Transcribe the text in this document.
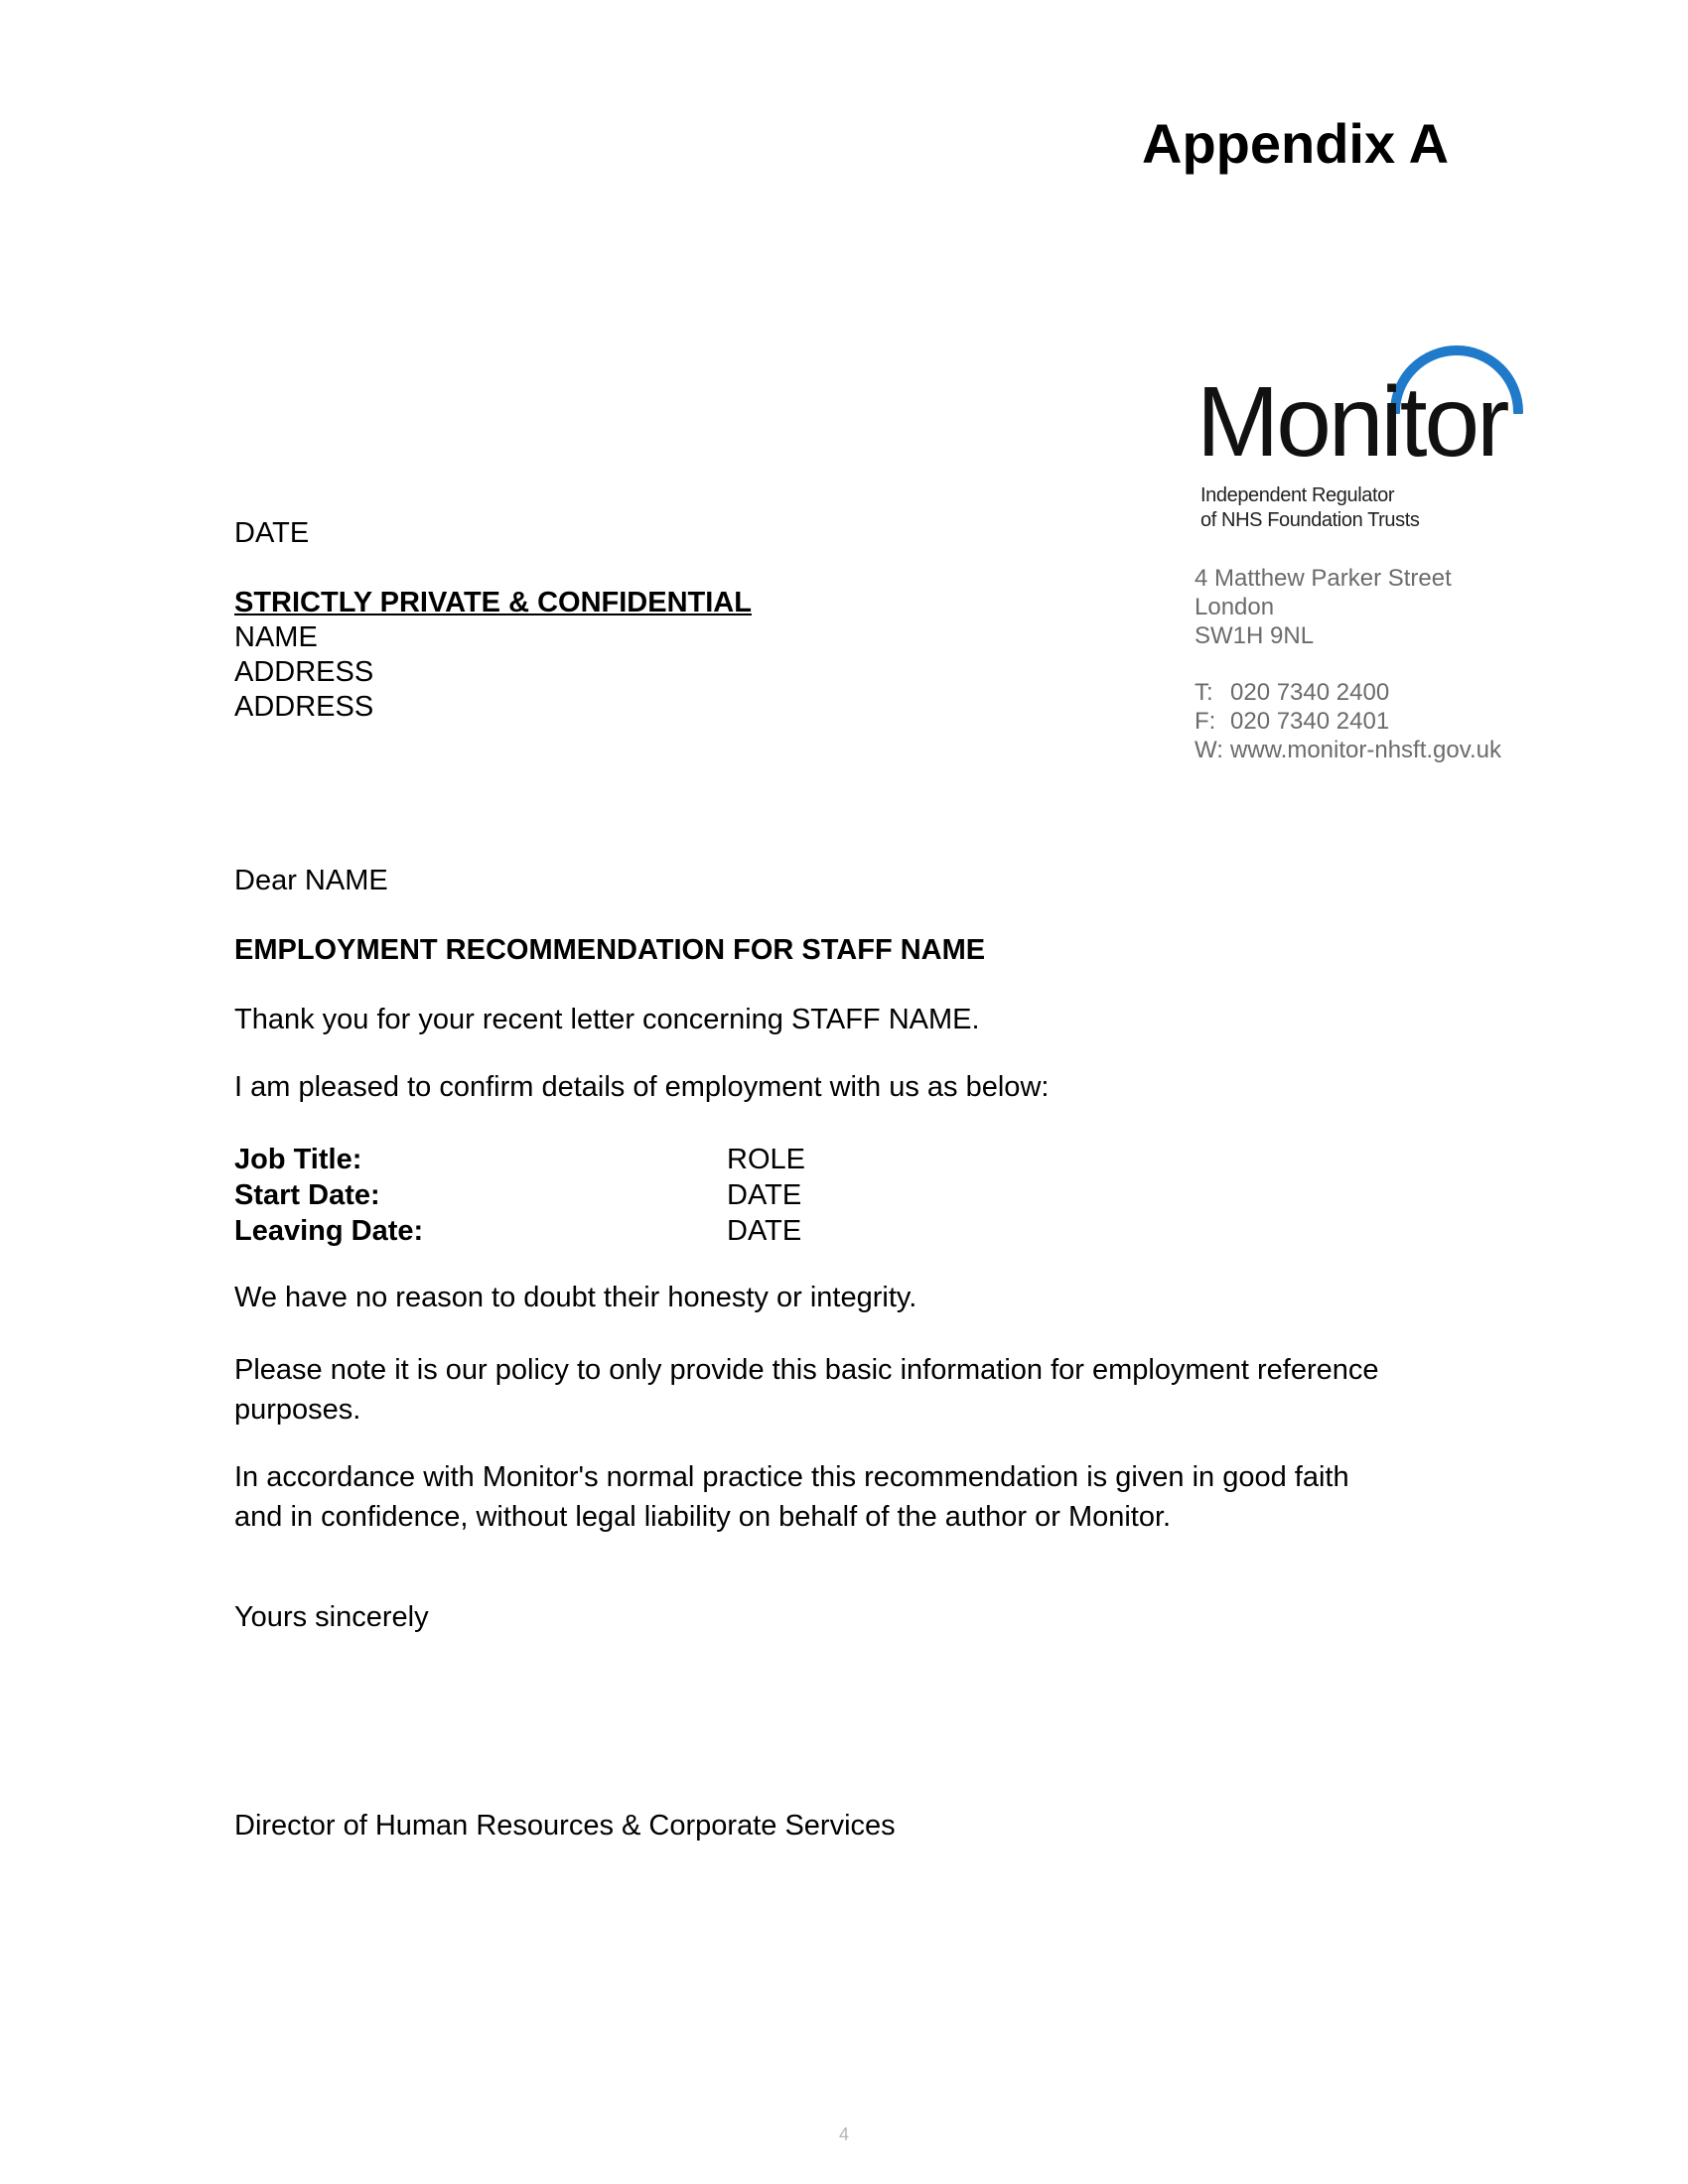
Appendix A
Monitor
Independent Regulator
of NHS Foundation Trusts
4 Matthew Parker Street
London
SW1H 9NL
T: 020 7340 2400
F: 020 7340 2401
W: www.monitor-nhsft.gov.uk
DATE
STRICTLY PRIVATE & CONFIDENTIAL
NAME
ADDRESS
ADDRESS
Dear NAME
EMPLOYMENT RECOMMENDATION FOR STAFF NAME
Thank you for your recent letter concerning STAFF NAME.
I am pleased to confirm details of employment with us as below:
Job Title:	ROLE
Start Date:	DATE
Leaving Date:	DATE
We have no reason to doubt their honesty or integrity.
Please note it is our policy to only provide this basic information for employment reference purposes.
In accordance with Monitor's normal practice this recommendation is given in good faith and in confidence, without legal liability on behalf of the author or Monitor.
Yours sincerely
Director of Human Resources & Corporate Services
4
